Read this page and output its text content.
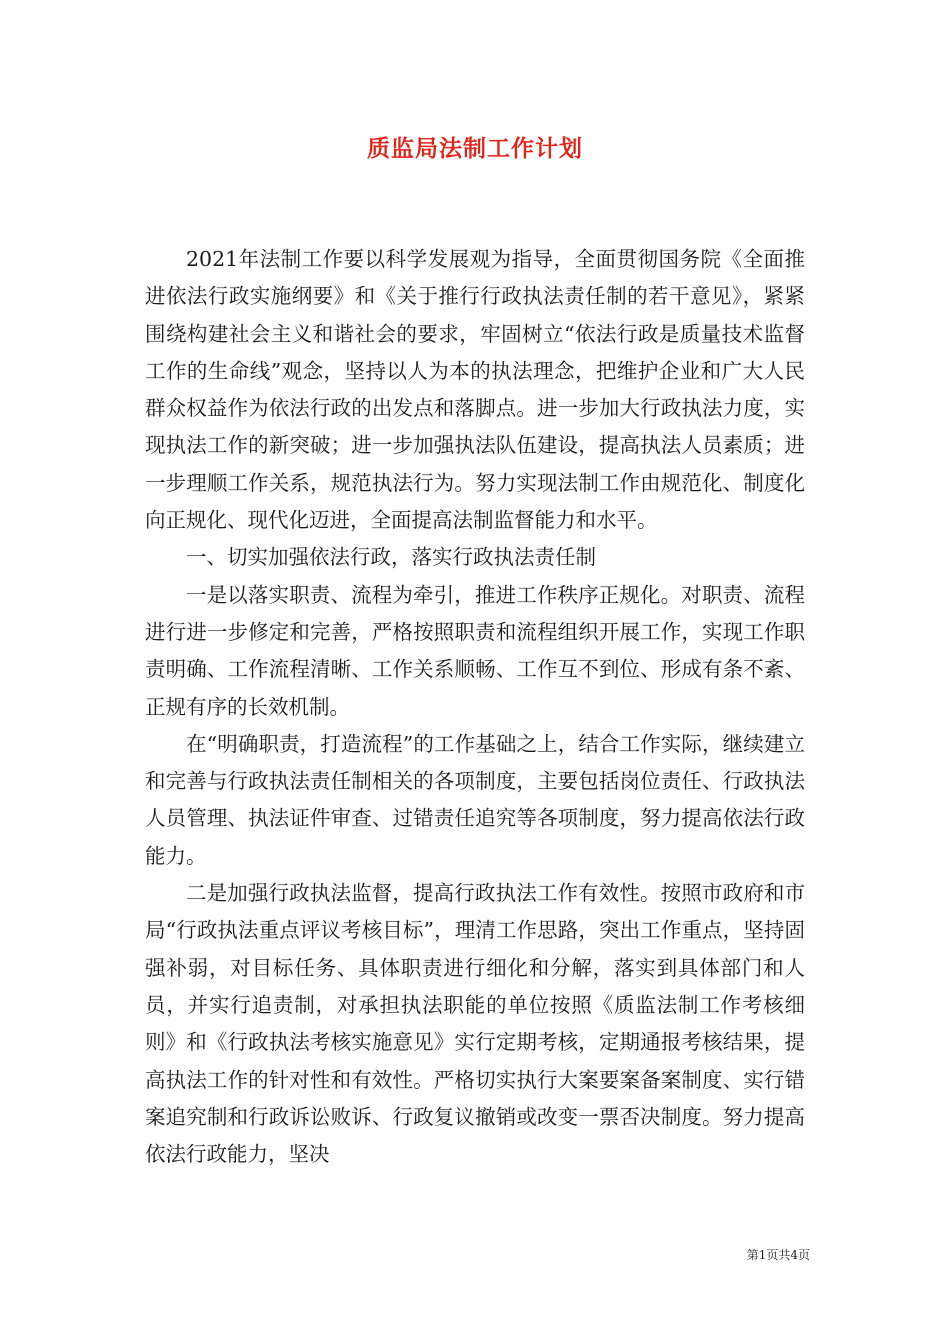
质监局法制工作计划

2021年法制工作要以科学发展观为指导，全面贯彻国务院《全面推进依法行政实施纲要》和《关于推行行政执法责任制的若干意见》，紧紧围绕构建社会主义和谐社会的要求，牢固树立“依法行政是质量技术监督工作的生命线”观念，坚持以人为本的执法理念，把维护企业和广大人民群众权益作为依法行政的出发点和落脚点。进一步加大行政执法力度，实现执法工作的新突破；进一步加强执法队伍建设，提高执法人员素质；进一步理顺工作关系，规范执法行为。努力实现法制工作由规范化、制度化向正规化、现代化迈进，全面提高法制监督能力和水平。

一、切实加强依法行政，落实行政执法责任制

一是以落实职责、流程为牵引，推进工作秩序正规化。对职责、流程进行进一步修定和完善，严格按照职责和流程组织开展工作，实现工作职责明确、工作流程清晰、工作关系顺畅、工作互不到位、形成有条不紊、正规有序的长效机制。

在“明确职责，打造流程”的工作基础之上，结合工作实际，继续建立和完善与行政执法责任制相关的各项制度，主要包括岗位责任、行政执法人员管理、执法证件审查、过错责任追究等各项制度，努力提高依法行政能力。

二是加强行政执法监督，提高行政执法工作有效性。按照市政府和市局“行政执法重点评议考核目标”，理清工作思路，突出工作重点，坚持固强补弱，对目标任务、具体职责进行细化和分解，落实到具体部门和人员，并实行追责制，对承担执法职能的单位按照《质监法制工作考核细则》和《行政执法考核实施意见》实行定期考核，定期通报考核结果，提高执法工作的针对性和有效性。严格切实执行大案要案备案制度、实行错案追究制和行政诉讼败诉、行政复议撤销或改变一票否决制度。努力提高依法行政能力，坚决

第1页共4页
